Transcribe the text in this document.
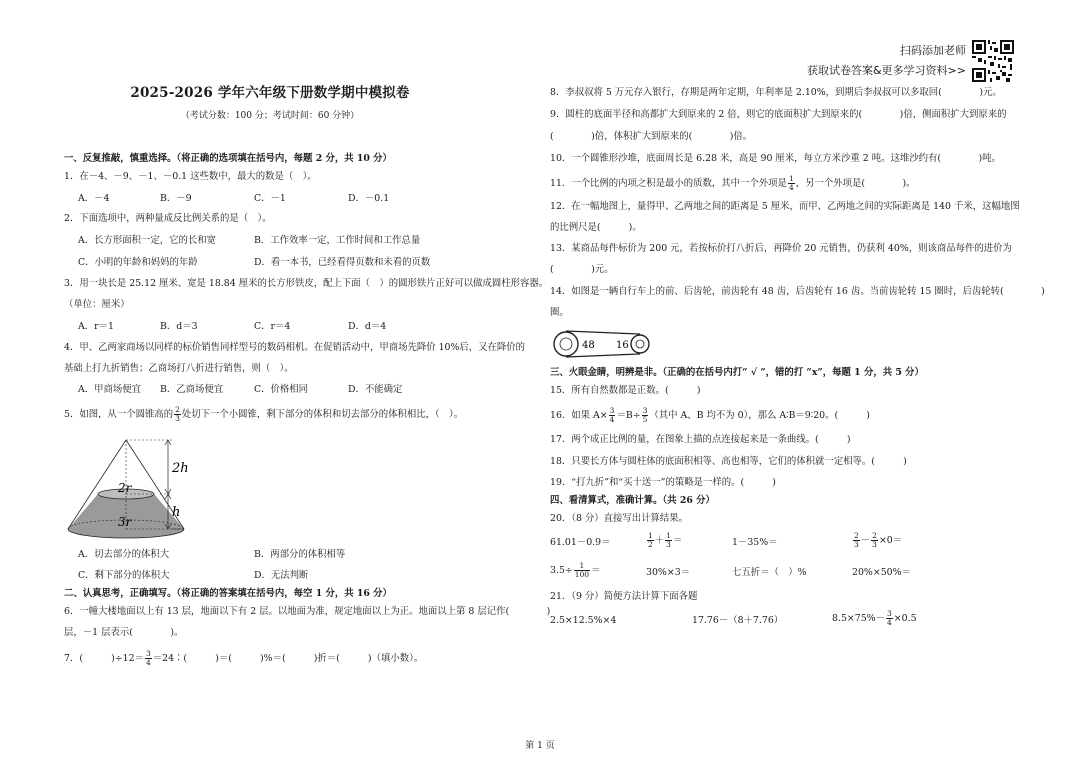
扫码添加老师
获取试卷答案&更多学习资料>>
2025-2026 学年六年级下册数学期中模拟卷
（考试分数：100 分；考试时间：60 分钟）
一、反复推敲，慎重选择。（将正确的选项填在括号内，每题 2 分，共 10 分）
1．在－4、－9、－1、－0.1 这些数中，最大的数是（　）。
A．－4	B．－9	C．－1	D．－0.1
2．下面选项中，两种量成反比例关系的是（　）。
A．长方形面积一定，它的长和宽	B．工作效率一定，工作时间和工作总量
C．小明的年龄和妈妈的年龄	D．看一本书，已经看得页数和未看的页数
3．用一块长是 25.12 厘米、宽是 18.84 厘米的长方形铁皮，配上下面（　）的圆形铁片正好可以做成圆柱形容器。
（单位：厘米）
A．r＝1	B．d＝3	C．r＝4	D．d＝4
4．甲、乙两家商场以同样的标价销售同样型号的数码相机。在促销活动中，甲商场先降价 10%后，又在降价的
基础上打九折销售；乙商场打八折进行销售，则（　）。
A．甲商场便宜 B．乙商场便宜	C．价格相同	D．不能确定
5．如图，从一个圆锥高的 $\frac{2}{3}$ 处切下一个小圆锥，剩下部分的体积和切去部分的体积相比，（　）。
2h
2r
h
3r
A．切去部分的体积大	B．两部分的体积相等
C．剩下部分的体积大	D．无法判断
二、认真思考，正确填写。（将正确的答案填在括号内，每空 1 分，共 16 分）
6．一幢大楼地面以上有 13 层，地面以下有 2 层。以地面为准，规定地面以上为正。地面以上第 8 层记作(　　　　)
层，－1 层表示(　　　　)。
7．(　　　)$\div 12= \frac{3}{4}$ ＝24∶(　　　)＝(　　　)%＝(　　　)折＝(　　　)（填小数）。
8．李叔叔将 5 万元存入银行，存期是两年定期，年利率是 2.10%，到期后李叔叔可以多取回(　　　　)元。
9．圆柱的底面半径和高都扩大到原来的 2 倍，则它的底面积扩大到原来的(　　　　)倍，侧面积扩大到原来的
(　　　　)倍，体积扩大到原来的(　　　　)倍。
10．一个圆锥形沙堆，底面周长是 6.28 米，高是 90 厘米，每立方米沙重 2 吨。这堆沙约有(　　　　)吨。
11．一个比例的内项之积是最小的质数，其中一个外项是 $\frac{1}{4}$ ，另一个外项是(　　　　)。
12．在一幅地图上，量得甲、乙两地之间的距离是 5 厘米，而甲、乙两地之间的实际距离是 140 千米，这幅地图
的比例尺是(　　　)。
13．某商品每件标价为 200 元，若按标价打八折后，再降价 20 元销售，仍获利 40%，则该商品每件的进价为
(　　　　)元。
14．如图是一辆自行车上的前、后齿轮，前齿轮有 48 齿，后齿轮有 16 齿。当前齿轮转 15 圈时，后齿轮转(　　　　)
圈。
48 16
三、火眼金睛，明辨是非。（正确的在括号内打“ √ ”，错的打 “x”，每题 1 分，共 5 分）
15．所有自然数都是正数。(　　　)
16．如果 $A\times \frac{3}{4} =B\div \frac{3}{5}$ （其中 A、B 均不为 0），那么 A∶B＝9∶20。(　　　)
17．两个成正比例的量，在图象上描的点连接起来是一条曲线。(　　　)
18．只要长方体与圆柱体的底面积相等、高也相等，它们的体积就一定相等。(　　　)
19．“打九折”和“买十送一”的策略是一样的。(　　　)
四、看清算式，准确计算。（共 26 分）
20．（8 分）直接写出计算结果。
61.01－0.9＝	$\frac{1}{2} + \frac{1}{3}$ ＝	1－35%＝	$\frac{2}{3} - \frac{2}{3} \times 0=$
$3.5\div \frac{1}{100}$ ＝	30%×3＝	七五折＝（　）%	20%×50%＝
21．（9 分）简便方法计算下面各题
2.5×12.5%×4	17.76－（8＋7.76）	$8.5\times 75\%- \frac{3}{4} \times 0.5$
第 1 页
